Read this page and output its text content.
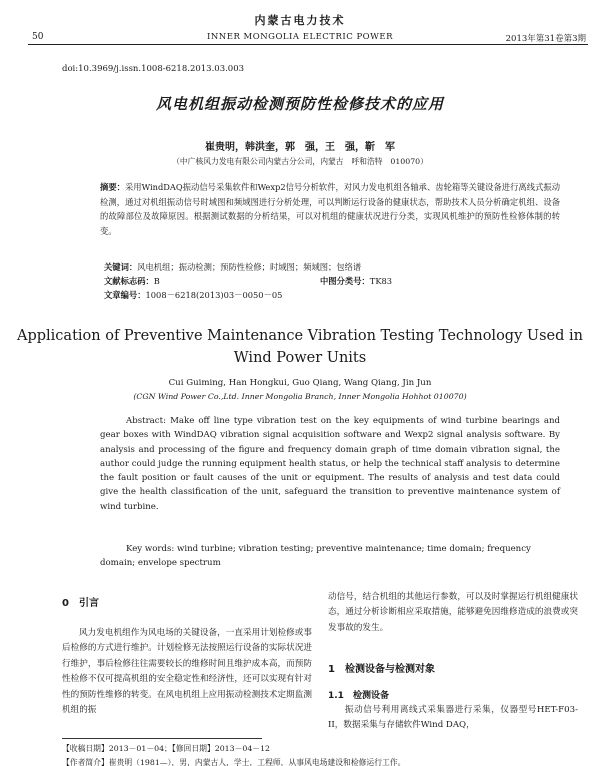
内蒙古电力技术
50	INNER MONGOLIA ELECTRIC POWER	2013年第31卷第3期
doi:10.3969/j.issn.1008-6218.2013.03.003
风电机组振动检测预防性检修技术的应用
崔贵明，韩洪奎，郭　强，王　强，靳　军
（中广核风力发电有限公司内蒙古分公司，内蒙古　呼和浩特　010070）
摘要：采用WindDAQ振动信号采集软件和Wexp2信号分析软件，对风力发电机组各轴承、齿轮箱等关键设备进行离线式振动检测，通过对机组振动信号时域图和频域图进行分析处理，可以判断运行设备的健康状态，帮助技术人员分析确定机组、设备的故障部位及故障原因。根据测试数据的分析结果，可以对机组的健康状况进行分类，实现风机维护的预防性检修体制的转变。
关键词：风电机组；振动检测；预防性检修；时域图；频域图；包络谱
文献标志码：B	中图分类号：TK83
文章编号：1008－6218(2013)03－0050－05
Application of Preventive Maintenance Vibration Testing Technology Used in Wind Power Units
Cui Guiming, Han Hongkui, Guo Qiang, Wang Qiang, Jin Jun
(CGN Wind Power Co.,Ltd. Inner Mongolia Branch, Inner Mongolia Hohhot 010070)
Abstract: Make off line type vibration test on the key equipments of wind turbine bearings and gear boxes with WindDAQ vibration signal acquisition software and Wexp2 signal analysis software. By analysis and processing of the figure and frequency domain graph of time domain vibration signal, the author could judge the running equipment health status, or help the technical staff analysis to determine the fault position or fault causes of the unit or equipment. The results of analysis and test data could give the health classification of the unit, safeguard the transition to preventive maintenance system of wind turbine.
Key words: wind turbine; vibration testing; preventive maintenance; time domain; frequency domain; envelope spectrum
0　引言
风力发电机组作为风电场的关键设备，一直采用计划检修或事后检修的方式进行维护。计划检修无法按照运行设备的实际状况进行维护，事后检修往往需要较长的维修时间且维护成本高，而预防性检修不仅可提高机组的安全稳定性和经济性，还可以实现有针对性的预防性维修的转变。在风电机组上应用振动检测技术定期监测机组的振
动信号，结合机组的其他运行参数，可以及时掌握运行机组健康状态，通过分析诊断相应采取措施，能够避免因维修造成的浪费或突发事故的发生。
1　检测设备与检测对象
1.1　检测设备
振动信号利用离线式采集器进行采集，仪器型号HET-F03-II，数据采集与存储软件Wind DAQ，
【收稿日期】2013－01－04；【修回日期】2013－04－12
【作者简介】崔贵明（1981—），男，内蒙古人，学士，工程师，从事风电场建设和检修运行工作。
